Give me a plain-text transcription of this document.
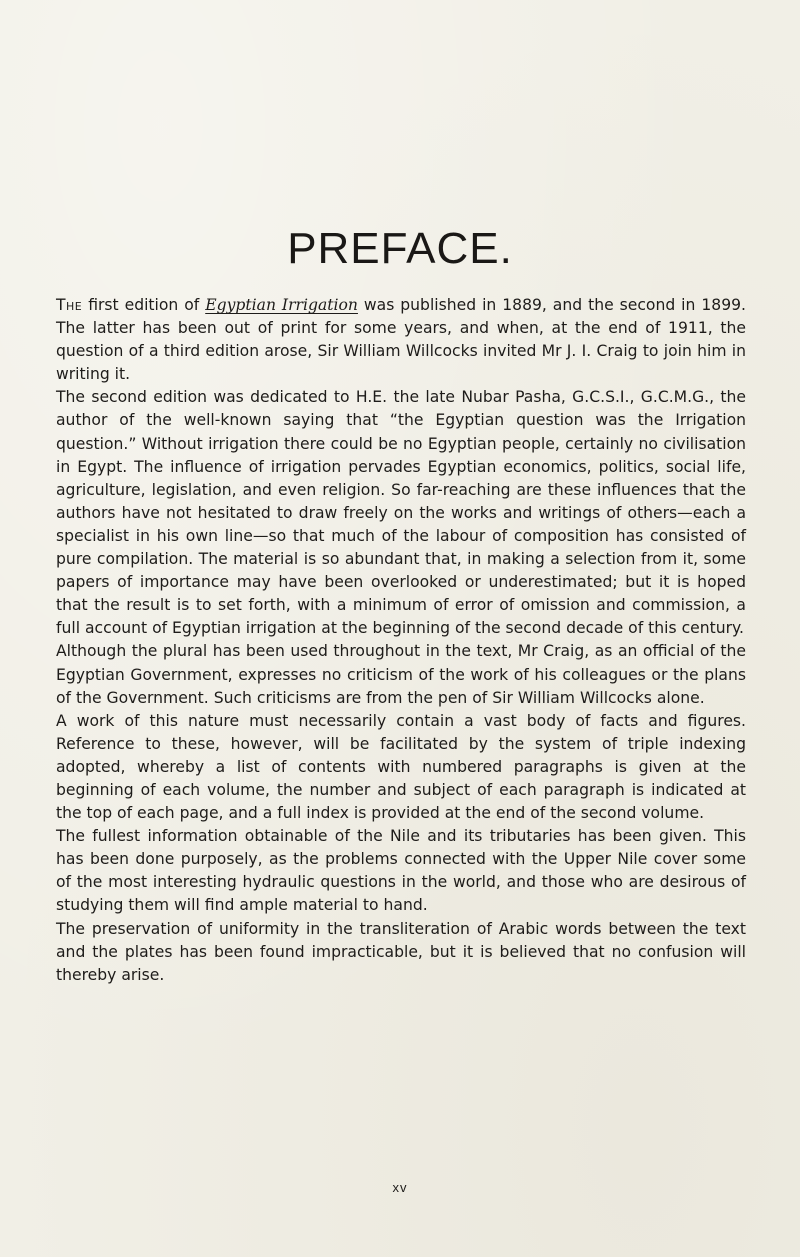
PREFACE.

The first edition of Egyptian Irrigation was published in 1889, and the second in 1899. The latter has been out of print for some years, and when, at the end of 1911, the question of a third edition arose, Sir William Willcocks invited Mr J. I. Craig to join him in writing it.

The second edition was dedicated to H.E. the late Nubar Pasha, G.C.S.I., G.C.M.G., the author of the well-known saying that “the Egyptian question was the Irrigation question.” Without irrigation there could be no Egyptian people, certainly no civilisation in Egypt. The influence of irrigation pervades Egyptian economics, politics, social life, agriculture, legislation, and even religion. So far-reaching are these influences that the authors have not hesitated to draw freely on the works and writings of others—each a specialist in his own line—so that much of the labour of composition has consisted of pure compilation. The material is so abundant that, in making a selection from it, some papers of importance may have been overlooked or underestimated; but it is hoped that the result is to set forth, with a minimum of error of omission and commission, a full account of Egyptian irrigation at the beginning of the second decade of this century.

Although the plural has been used throughout in the text, Mr Craig, as an official of the Egyptian Government, expresses no criticism of the work of his colleagues or the plans of the Government. Such criticisms are from the pen of Sir William Willcocks alone.

A work of this nature must necessarily contain a vast body of facts and figures. Reference to these, however, will be facilitated by the system of triple indexing adopted, whereby a list of contents with numbered paragraphs is given at the beginning of each volume, the number and subject of each paragraph is indicated at the top of each page, and a full index is provided at the end of the second volume.

The fullest information obtainable of the Nile and its tributaries has been given. This has been done purposely, as the problems connected with the Upper Nile cover some of the most interesting hydraulic questions in the world, and those who are desirous of studying them will find ample material to hand.

The preservation of uniformity in the transliteration of Arabic words between the text and the plates has been found impracticable, but it is believed that no confusion will thereby arise.

xv
